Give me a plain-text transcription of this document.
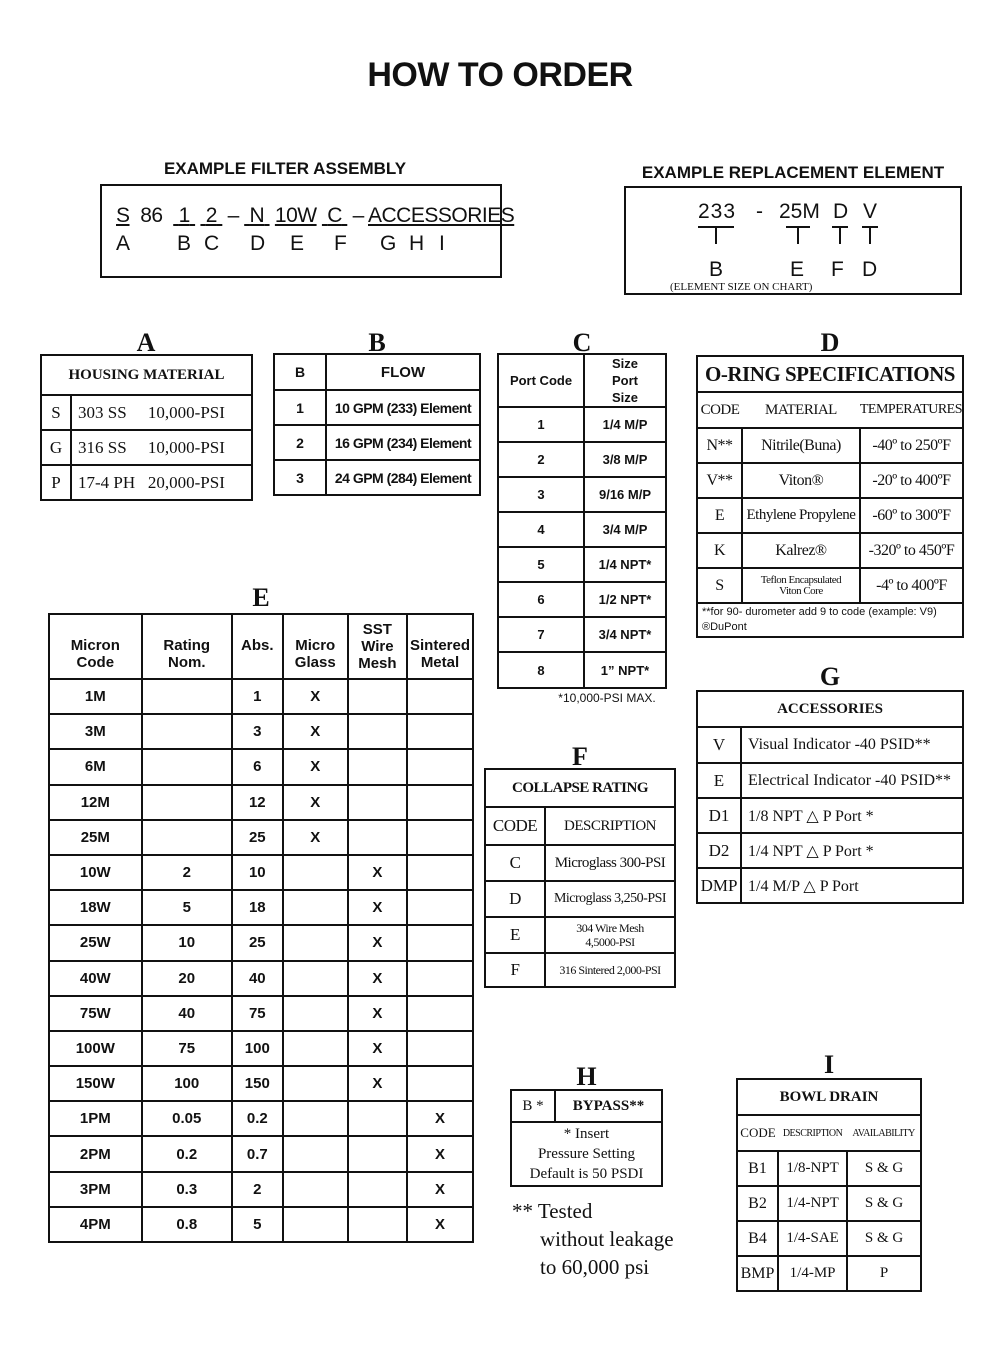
HOW TO ORDER
EXAMPLE FILTER ASSEMBLY
S 86 1 2 – N 10W C – ACCESSORIES
A B C D E F G H I
EXAMPLE REPLACEMENT ELEMENT
233 - 25M D V
B	E F D
(ELEMENT SIZE ON CHART)
A
HOUSING MATERIAL	
S	303 SS     10,000-PSI
G	316 SS     10,000-PSI
P	17-4 PH   20,000-PSI
B
B	FLOW
1	10 GPM (233) Element
2	16 GPM (234) Element
3	24 GPM (284) Element
C
Port Code	Size Port Size
1	1/4 M/P
2	3/8 M/P
3	9/16 M/P
4	3/4 M/P
5	1/4 NPT*
6	1/2 NPT*
7	3/4 NPT*
8	1” NPT*
*10,000-PSI MAX.
D
O-RING SPECIFICATIONS		
CODE	MATERIAL	TEMPERATURES
N**	Nitrile(Buna)	-40º to 250ºF
V**	Viton®	-20º to 400ºF
E	Ethylene Propylene	-60º to 300ºF
K	Kalrez®	-320º to 450ºF
S	Teflon Encapsulated Viton Core	-4º to 400ºF
**for 90- durometer add 9 to code (example: V9)
®DuPont		
E
Micron Code	Rating Nom.	Abs.	Micro Glass	SST Wire Mesh	Sintered Metal
1M		1	X		
3M		3	X		
6M		6	X		
12M		12	X		
25M		25	X		
10W	2	10		X	
18W	5	18		X	
25W	10	25		X	
40W	20	40		X	
75W	40	75		X	
100W	75	100		X	
150W	100	150		X	
1PM	0.05	0.2			X
2PM	0.2	0.7			X
3PM	0.3	2			X
4PM	0.8	5			X
F
COLLAPSE RATING	
CODE	DESCRIPTION
C	Microglass 300-PSI
D	Microglass 3,250-PSI
E	304 Wire Mesh 4,5000-PSI
F	316 Sintered 2,000-PSI
G
ACCESSORIES	
V	Visual Indicator -40 PSID**
E	Electrical Indicator -40 PSID**
D1	1/8 NPT △ P Port *
D2	1/4 NPT △ P Port *
DMP	1/4 M/P △ P Port
H
B *	BYPASS**
* Insert
Pressure Setting
Default is 50 PSDI
** Tested
without leakage
to 60,000 psi
I
BOWL DRAIN		
CODE	DESCRIPTION	AVAILABILITY
B1	1/8-NPT	S & G
B2	1/4-NPT	S & G
B4	1/4-SAE	S & G
BMP	1/4-MP	P
